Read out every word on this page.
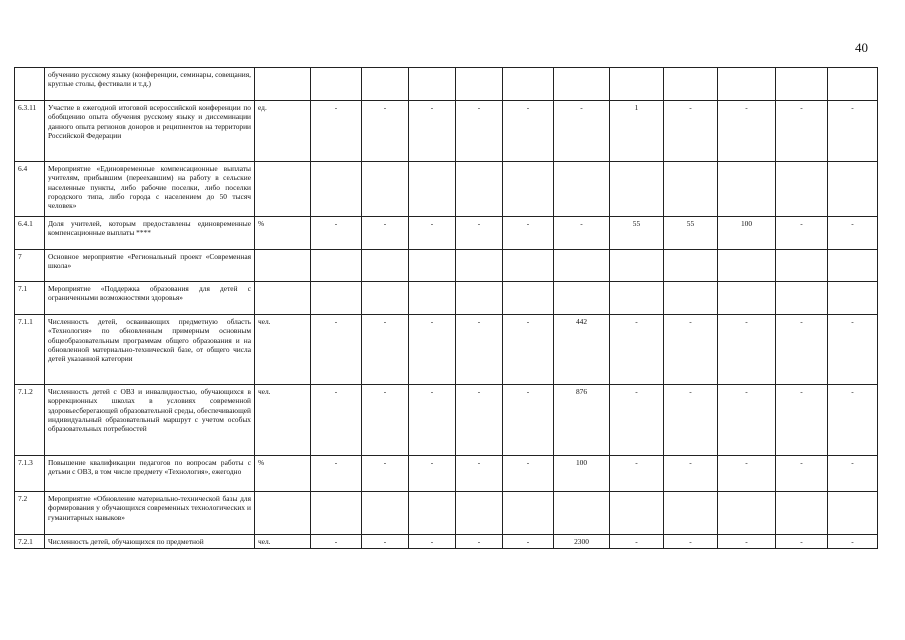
40
	обучению русскому языку (конференции, семинары, совещания, круглые столы, фестивали и т.д.)												
6.3.11	Участие в ежегодной итоговой всероссийской конференции по обобщению опыта обучения русскому языку и диссеминации данного опыта регионов доноров и реципиентов на территории Российской Федерации	ед.	-	-	-	-	-	-	1	-	-	-	-
6.4	Мероприятие «Единовременные компенсационные выплаты учителям, прибывшим (переехавшим) на работу в сельские населенные пункты, либо рабочие поселки, либо поселки городского типа, либо города с населением до 50 тысяч человек»												
6.4.1	Доля учителей, которым предоставлены единовременные компенсационные выплаты ****	%	-	-	-	-	-	-	55	55	100	-	-
7	Основное мероприятие «Региональный проект «Современная школа»												
7.1	Мероприятие «Поддержка образования для детей с ограниченными возможностями здоровья»												
7.1.1	Численность детей, осваивающих предметную область «Технология» по обновленным примерным основным общеобразовательным программам общего образования и на обновленной материально-технической базе, от общего числа детей указанной категории	чел.	-	-	-	-	-	442	-	-	-	-	-
7.1.2	Численность детей с ОВЗ и инвалидностью, обучающихся в коррекционных школах в условиях современной здоровьесберегающей образовательной среды, обеспечивающей индивидуальный образовательный маршрут с учетом особых образовательных потребностей	чел.	-	-	-	-	-	876	-	-	-	-	-
7.1.3	Повышение квалификации педагогов по вопросам работы с детьми с ОВЗ, в том числе предмету «Технология», ежегодно	%	-	-	-	-	-	100	-	-	-	-	-
7.2	Мероприятие «Обновление материально-технической базы для формирования у обучающихся современных технологических и гуманитарных навыков»												
7.2.1	Численность детей, обучающихся по предметной	чел.	-	-	-	-	-	2300	-	-	-	-	-
